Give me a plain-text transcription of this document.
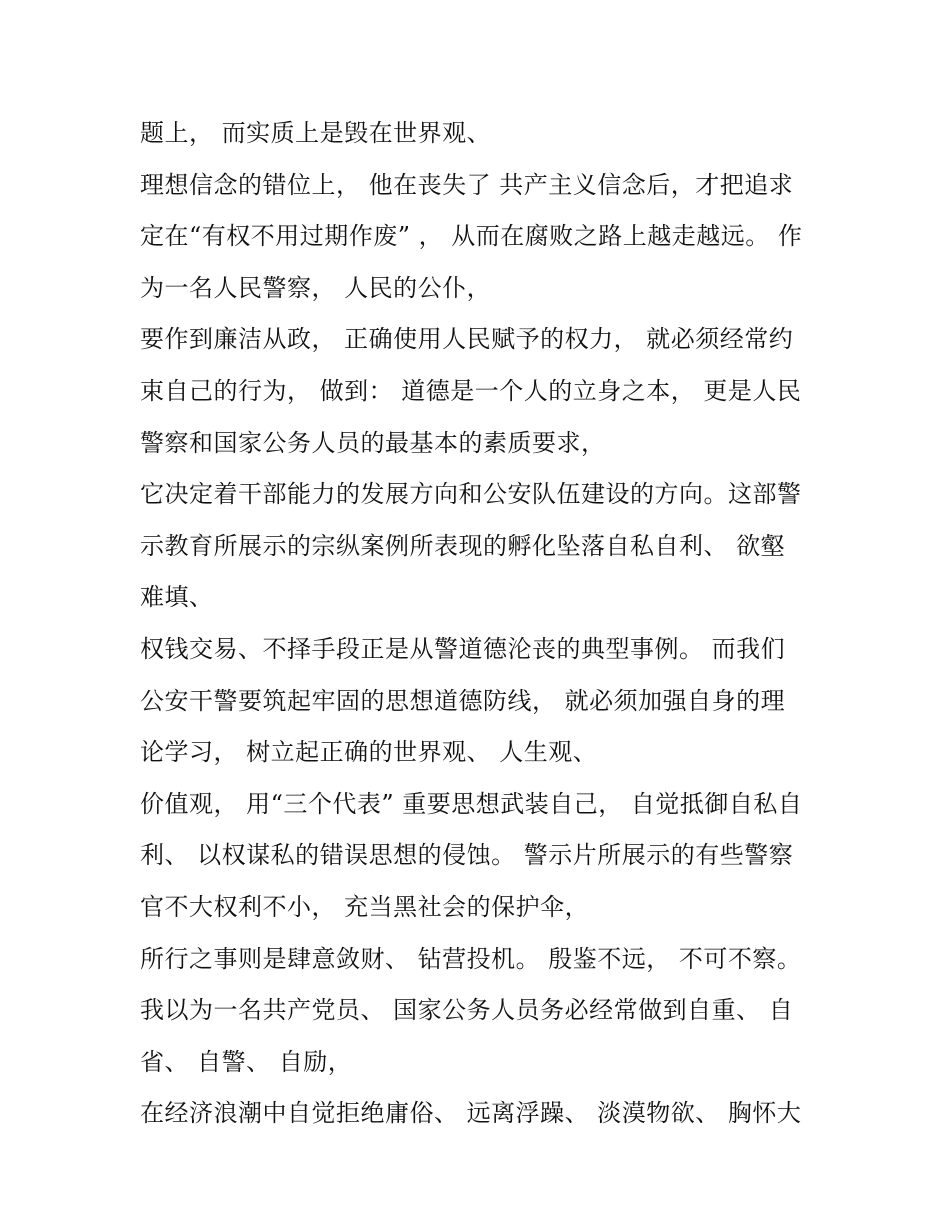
题上， 而实质上是毁在世界观、
理想信念的错位上， 他在丧失了 共产主义信念后，才把追求
定在“有权不用过期作废” ， 从而在腐败之路上越走越远。 作
为一名人民警察， 人民的公仆，
要作到廉洁从政， 正确使用人民赋予的权力， 就必须经常约
束自己的行为， 做到： 道德是一个人的立身之本， 更是人民
警察和国家公务人员的最基本的素质要求，
它决定着干部能力的发展方向和公安队伍建设的方向。这部警
示教育所展示的宗纵案例所表现的孵化坠落自私自利、 欲壑
难填、
权钱交易、不择手段正是从警道德沦丧的典型事例。 而我们
公安干警要筑起牢固的思想道德防线， 就必须加强自身的理
论学习， 树立起正确的世界观、 人生观、
价值观， 用“三个代表” 重要思想武装自己， 自觉抵御自私自
利、 以权谋私的错误思想的侵蚀。 警示片所展示的有些警察
官不大权利不小， 充当黑社会的保护伞，
所行之事则是肆意敛财、 钻营投机。 殷鉴不远， 不可不察。
我以为一名共产党员、 国家公务人员务必经常做到自重、 自
省、 自警、 自励，
在经济浪潮中自觉拒绝庸俗、 远离浮躁、 淡漠物欲、 胸怀大
